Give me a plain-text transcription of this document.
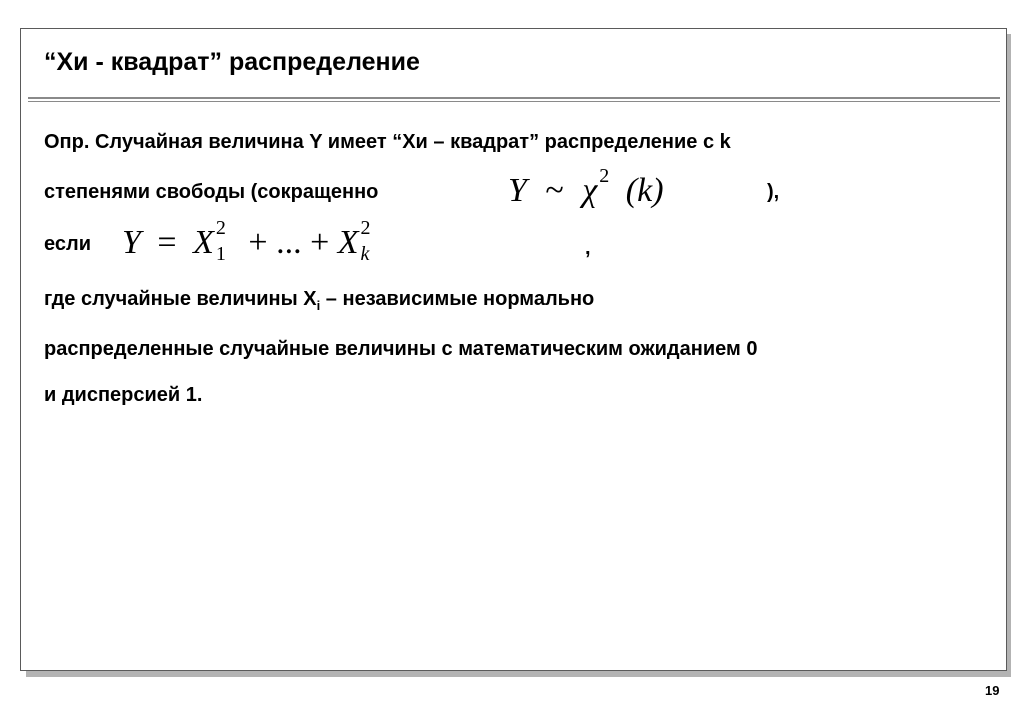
“Хи - квадрат” распределение
Опр. Случайная величина Y имеет “Хи – квадрат” распределение с k
степенями свободы (сокращенно	Y ~ χ 2 (k)	),
если Y = X 2
1 + ... + X 2
k	,
где случайные величины $X_i$ – независимые нормально
распределенные случайные величины с математическим ожиданием 0
и дисперсией 1.
19
